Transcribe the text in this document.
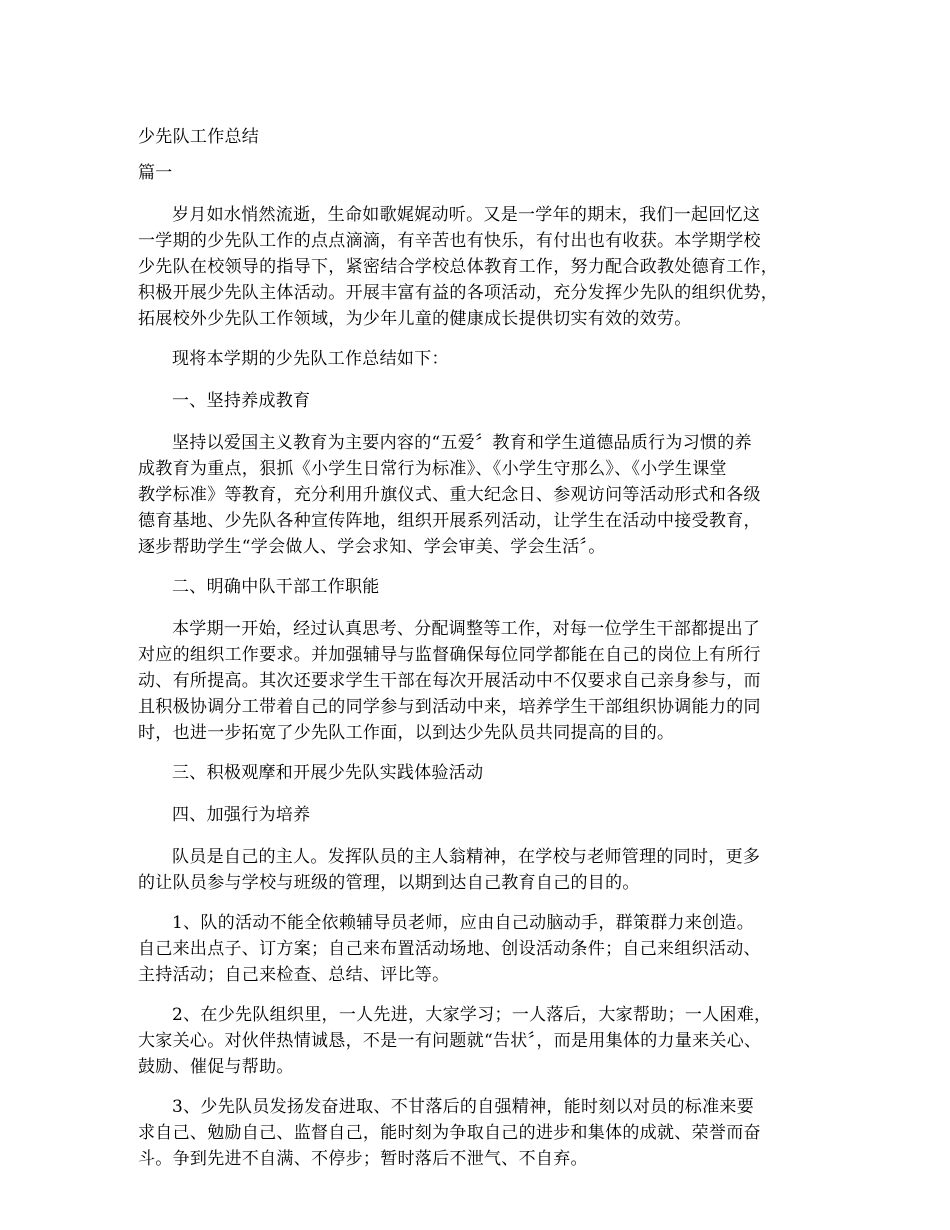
少先队工作总结
篇一
岁月如水悄然流逝，生命如歌娓娓动听。又是一学年的期末，我们一起回忆这
一学期的少先队工作的点点滴滴，有辛苦也有快乐，有付出也有收获。本学期学校
少先队在校领导的指导下，紧密结合学校总体教育工作，努力配合政教处德育工作，
积极开展少先队主体活动。开展丰富有益的各项活动，充分发挥少先队的组织优势，
拓展校外少先队工作领域，为少年儿童的健康成长提供切实有效的效劳。
现将本学期的少先队工作总结如下：
一、坚持养成教育
坚持以爱国主义教育为主要内容的“五爱〞教育和学生道德品质行为习惯的养
成教育为重点，狠抓《小学生日常行为标准》、《小学生守那么》、《小学生课堂
教学标准》等教育，充分利用升旗仪式、重大纪念日、参观访问等活动形式和各级
德育基地、少先队各种宣传阵地，组织开展系列活动，让学生在活动中接受教育，
逐步帮助学生“学会做人、学会求知、学会审美、学会生活〞。
二、明确中队干部工作职能
本学期一开始，经过认真思考、分配调整等工作，对每一位学生干部都提出了
对应的组织工作要求。并加强辅导与监督确保每位同学都能在自己的岗位上有所行
动、有所提高。其次还要求学生干部在每次开展活动中不仅要求自己亲身参与，而
且积极协调分工带着自己的同学参与到活动中来，培养学生干部组织协调能力的同
时，也进一步拓宽了少先队工作面，以到达少先队员共同提高的目的。
三、积极观摩和开展少先队实践体验活动
四、加强行为培养
队员是自己的主人。发挥队员的主人翁精神，在学校与老师管理的同时，更多
的让队员参与学校与班级的管理，以期到达自己教育自己的目的。
1、队的活动不能全依赖辅导员老师，应由自己动脑动手，群策群力来创造。
自己来出点子、订方案；自己来布置活动场地、创设活动条件；自己来组织活动、
主持活动；自己来检查、总结、评比等。
2、在少先队组织里，一人先进，大家学习；一人落后，大家帮助；一人困难，
大家关心。对伙伴热情诚恳，不是一有问题就“告状〞，而是用集体的力量来关心、
鼓励、催促与帮助。
3、少先队员发扬发奋进取、不甘落后的自强精神，能时刻以对员的标准来要
求自己、勉励自己、监督自己，能时刻为争取自己的进步和集体的成就、荣誉而奋
斗。争到先进不自满、不停步；暂时落后不泄气、不自弃。
